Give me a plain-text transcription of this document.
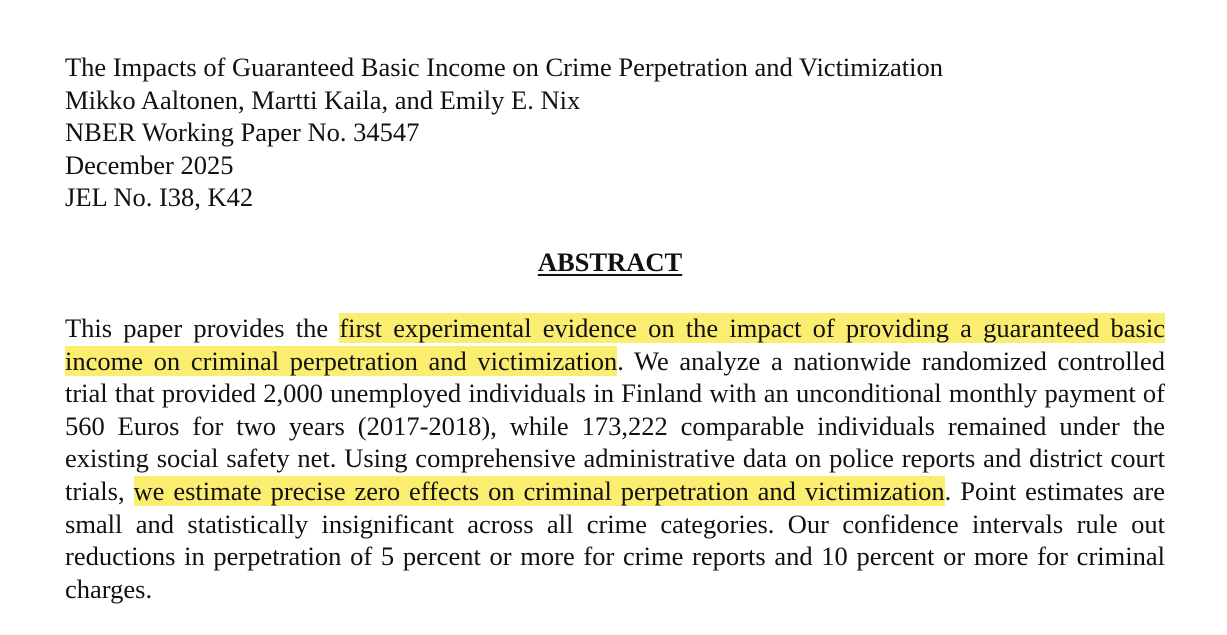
The Impacts of Guaranteed Basic Income on Crime Perpetration and Victimization
Mikko Aaltonen, Martti Kaila, and Emily E. Nix
NBER Working Paper No. 34547
December 2025
JEL No. I38, K42
ABSTRACT
This paper provides the first experimental evidence on the impact of providing a guaranteed basic income on criminal perpetration and victimization. We analyze a nationwide randomized controlled trial that provided 2,000 unemployed individuals in Finland with an unconditional monthly payment of 560 Euros for two years (2017-2018), while 173,222 comparable individuals remained under the existing social safety net. Using comprehensive administrative data on police reports and district court trials, we estimate precise zero effects on criminal perpetration and victimization. Point estimates are small and statistically insignificant across all crime categories. Our confidence intervals rule out reductions in perpetration of 5 percent or more for crime reports and 10 percent or more for criminal charges.
